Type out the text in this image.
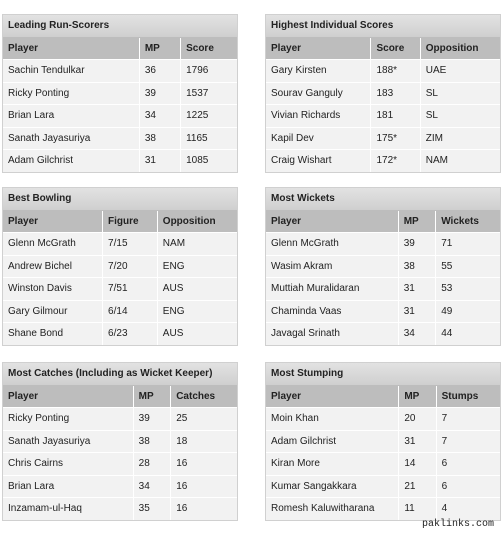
Leading Run-Scorers
Player	MP	Score
Sachin Tendulkar	36	1796
Ricky Ponting	39	1537
Brian Lara	34	1225
Sanath Jayasuriya	38	1165
Adam Gilchrist	31	1085
Highest Individual Scores
Player	Score	Opposition
Gary Kirsten	188*	UAE
Sourav Ganguly	183	SL
Vivian Richards	181	SL
Kapil Dev	175*	ZIM
Craig Wishart	172*	NAM
Best Bowling
Player	Figure	Opposition
Glenn McGrath	7/15	NAM
Andrew Bichel	7/20	ENG
Winston Davis	7/51	AUS
Gary Gilmour	6/14	ENG
Shane Bond	6/23	AUS
Most Wickets
Player	MP	Wickets
Glenn McGrath	39	71
Wasim Akram	38	55
Muttiah Muralidaran	31	53
Chaminda Vaas	31	49
Javagal Srinath	34	44
Most Catches (Including as Wicket Keeper)
Player	MP	Catches
Ricky Ponting	39	25
Sanath Jayasuriya	38	18
Chris Cairns	28	16
Brian Lara	34	16
Inzamam-ul-Haq	35	16
Most Stumping
Player	MP	Stumps
Moin Khan	20	7
Adam Gilchrist	31	7
Kiran More	14	6
Kumar Sangakkara	21	6
Romesh Kaluwitharana	11	4
paklinks.com
